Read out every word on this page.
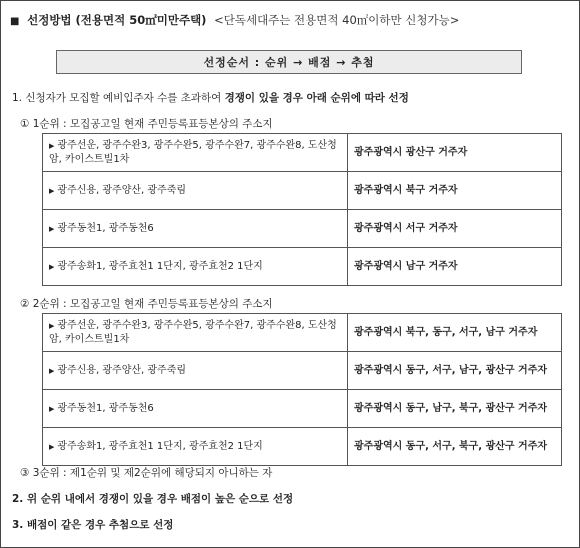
■ 선정방법 (전용면적 50㎡미만주택) <단독세대주는 전용면적 40㎡이하만 신청가능>
선정순서 : 순위 → 배점 → 추첨
1. 신청자가 모집할 예비입주자 수를 초과하여 경쟁이 있을 경우 아래 순위에 따라 선정
① 1순위 : 모집공고일 현재 주민등록표등본상의 주소지
▶ 광주선운, 광주수완3, 광주수완5, 광주수완7, 광주수완8, 도산청암, 카이스트빌1차	광주광역시 광산구 거주자
▶ 광주신용, 광주양산, 광주죽림	광주광역시 북구 거주자
▶ 광주동천1, 광주동천6	광주광역시 서구 거주자
▶ 광주송화1, 광주효천1 1단지, 광주효천2 1단지	광주광역시 남구 거주자
② 2순위 : 모집공고일 현재 주민등록표등본상의 주소지
▶ 광주선운, 광주수완3, 광주수완5, 광주수완7, 광주수완8, 도산청암, 카이스트빌1차	광주광역시 북구, 동구, 서구, 남구 거주자
▶ 광주신용, 광주양산, 광주죽림	광주광역시 동구, 서구, 남구, 광산구 거주자
▶ 광주동천1, 광주동천6	광주광역시 동구, 남구, 북구, 광산구 거주자
▶ 광주송화1, 광주효천1 1단지, 광주효천2 1단지	광주광역시 동구, 서구, 북구, 광산구 거주자
③ 3순위 : 제1순위 및 제2순위에 해당되지 아니하는 자
2. 위 순위 내에서 경쟁이 있을 경우 배점이 높은 순으로 선정
3. 배점이 같은 경우 추첨으로 선정
